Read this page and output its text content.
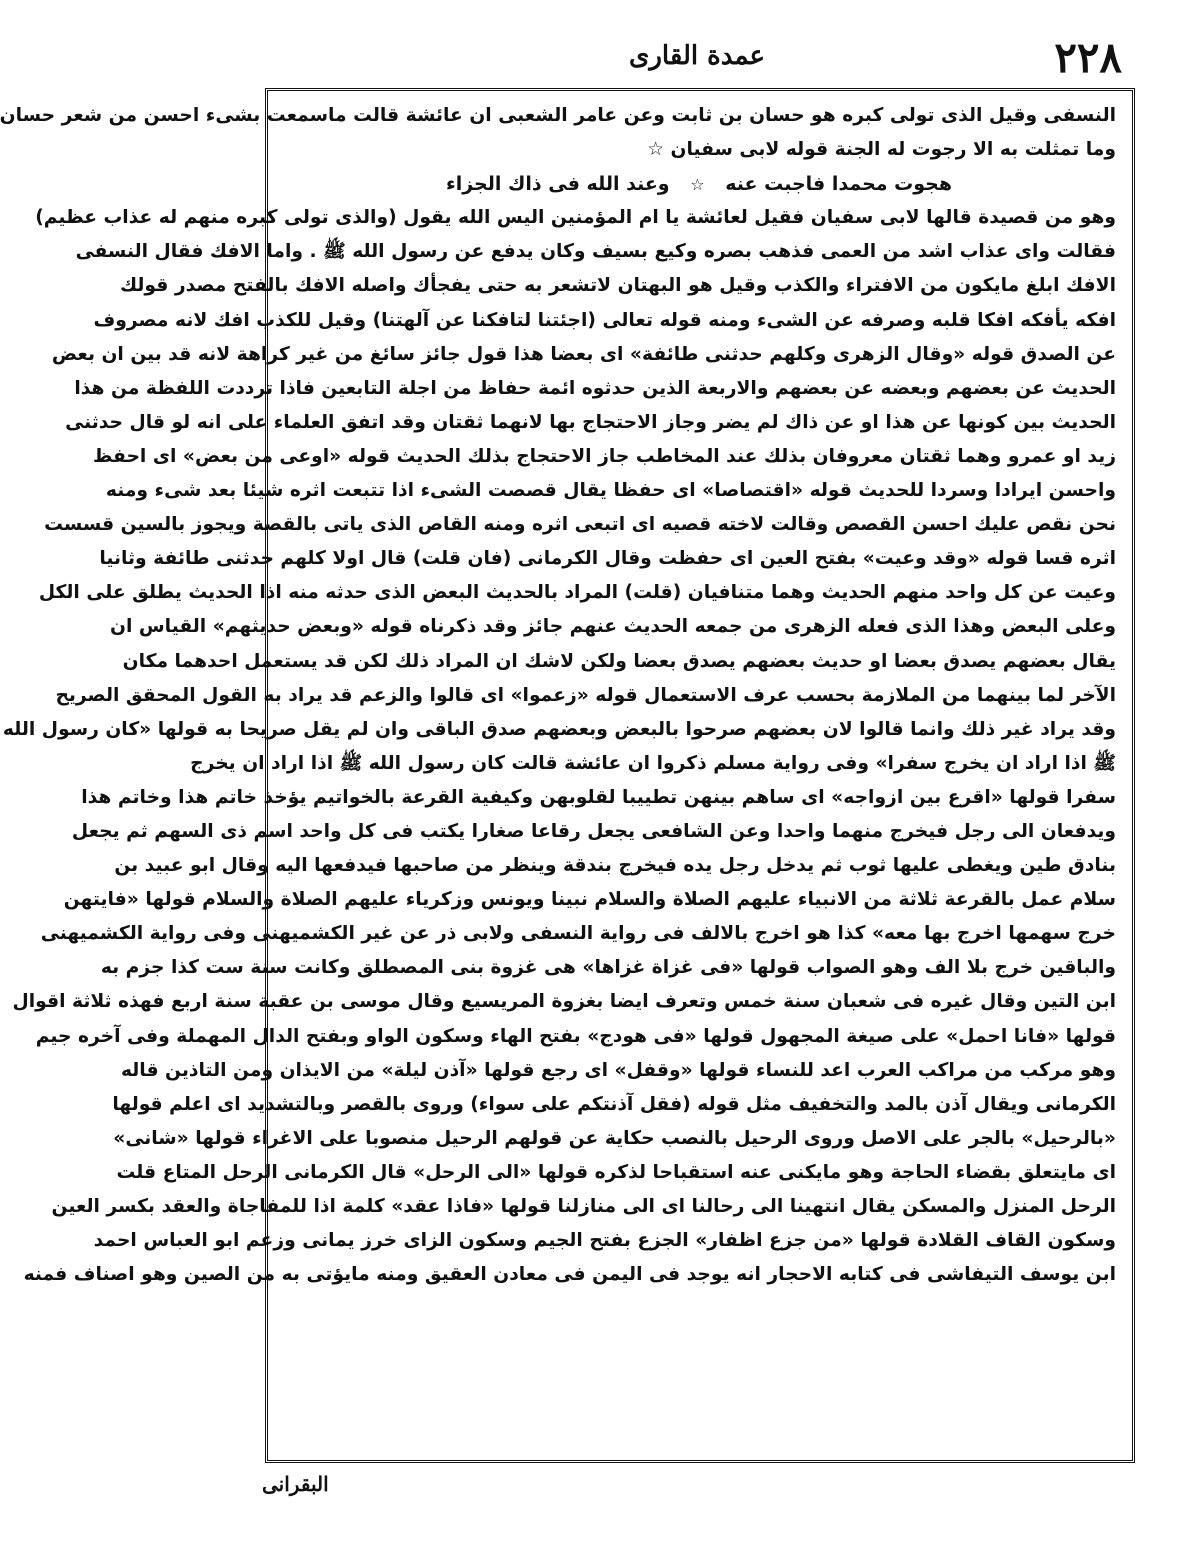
٢٢٨
عمدة القارى
النسفى وقيل الذى تولى كبره هو حسان بن ثابت وعن عامر الشعبى ان عائشة قالت ماسمعت بشىء احسن من شعر حسان
وما تمثلت به الا رجوت له الجنة قوله لابى سفيان ☆
هجوت محمدا فاجبت عنه ☆ وعند الله فى ذاك الجزاء
وهو من قصيدة قالها لابى سفيان فقيل لعائشة يا ام المؤمنين اليس الله يقول (والذى تولى كبره منهم له عذاب عظيم)
فقالت واى عذاب اشد من العمى فذهب بصره وكيع بسيف وكان يدفع عن رسول الله ﷺ . واما الافك فقال النسفى
الافك ابلغ مايكون من الافتراء والكذب وقيل هو البهتان لاتشعر به حتى يفجأك واصله الافك بالفتح مصدر قولك
افكه يأفكه افكا قلبه وصرفه عن الشىء ومنه قوله تعالى (اجئتنا لتافكنا عن آلهتنا) وقيل للكذب افك لانه مصروف
عن الصدق قوله «وقال الزهرى وكلهم حدثنى طائفة» اى بعضا هذا قول جائز سائغ من غير كراهة لانه قد بين ان بعض
الحديث عن بعضهم وبعضه عن بعضهم والاربعة الذين حدثوه ائمة حفاظ من اجلة التابعين فاذا ترددت اللفظة من هذا
الحديث بين كونها عن هذا او عن ذاك لم يضر وجاز الاحتجاج بها لانهما ثقتان وقد اتفق العلماء على انه لو قال حدثنى
زيد او عمرو وهما ثقتان معروفان بذلك عند المخاطب جاز الاحتجاج بذلك الحديث قوله «اوعى من بعض» اى احفظ
واحسن ايرادا وسردا للحديث قوله «اقتصاصا» اى حفظا يقال قصصت الشىء اذا تتبعت اثره شيئا بعد شىء ومنه
نحن نقص عليك احسن القصص وقالت لاخته قصيه اى اتبعى اثره ومنه القاص الذى ياتى بالقصة ويجوز بالسين قسست
اثره قسا قوله «وقد وعيت» بفتح العين اى حفظت وقال الكرمانى (فان قلت) قال اولا كلهم حدثنى طائفة وثانيا
وعيت عن كل واحد منهم الحديث وهما متنافيان (قلت) المراد بالحديث البعض الذى حدثه منه اذا الحديث يطلق على الكل
وعلى البعض وهذا الذى فعله الزهرى من جمعه الحديث عنهم جائز وقد ذكرناه قوله «وبعض حديثهم» القياس ان
يقال بعضهم يصدق بعضا او حديث بعضهم يصدق بعضا ولكن لاشك ان المراد ذلك لكن قد يستعمل احدهما مكان
الآخر لما بينهما من الملازمة بحسب عرف الاستعمال قوله «زعموا» اى قالوا والزعم قد يراد به القول المحقق الصريح
وقد يراد غير ذلك وانما قالوا لان بعضهم صرحوا بالبعض وبعضهم صدق الباقى وان لم يقل صريحا به قولها «كان رسول الله
ﷺ اذا اراد ان يخرج سفرا» وفى رواية مسلم ذكروا ان عائشة قالت كان رسول الله ﷺ اذا اراد ان يخرج
سفرا قولها «اقرع بين ازواجه» اى ساهم بينهن تطييبا لقلوبهن وكيفية القرعة بالخواتيم يؤخذ خاتم هذا وخاتم هذا
ويدفعان الى رجل فيخرج منهما واحدا وعن الشافعى يجعل رقاعا صغارا يكتب فى كل واحد اسم ذى السهم ثم يجعل
بنادق طين ويغطى عليها ثوب ثم يدخل رجل يده فيخرج بندقة وينظر من صاحبها فيدفعها اليه وقال ابو عبيد بن
سلام عمل بالقرعة ثلاثة من الانبياء عليهم الصلاة والسلام نبينا ويونس وزكرياء عليهم الصلاة والسلام قولها «فايتهن
خرج سهمها اخرج بها معه» كذا هو اخرج بالالف فى رواية النسفى ولابى ذر عن غير الكشميهنى وفى رواية الكشميهنى
والباقين خرج بلا الف وهو الصواب قولها «فى غزاة غزاها» هى غزوة بنى المصطلق وكانت سنة ست كذا جزم به
ابن التين وقال غيره فى شعبان سنة خمس وتعرف ايضا بغزوة المريسيع وقال موسى بن عقبة سنة اربع فهذه ثلاثة اقوال
قولها «فانا احمل» على صيغة المجهول قولها «فى هودج» بفتح الهاء وسكون الواو وبفتح الدال المهملة وفى آخره جيم
وهو مركب من مراكب العرب اعد للنساء قولها «وقفل» اى رجع قولها «آذن ليلة» من الايذان ومن التاذين قاله
الكرمانى ويقال آذن بالمد والتخفيف مثل قوله (فقل آذنتكم على سواء) وروى بالقصر وبالتشديد اى اعلم قولها
«بالرحيل» بالجر على الاصل وروى الرحيل بالنصب حكاية عن قولهم الرحيل منصوبا على الاغراء قولها «شانى»
اى مايتعلق بقضاء الحاجة وهو مايكنى عنه استقباحا لذكره قولها «الى الرحل» قال الكرمانى الرحل المتاع قلت
الرحل المنزل والمسكن يقال انتهينا الى رحالنا اى الى منازلنا قولها «فاذا عقد» كلمة اذا للمفاجاة والعقد بكسر العين
وسكون القاف القلادة قولها «من جزع اظفار» الجزع بفتح الجيم وسكون الزاى خرز يمانى وزعم ابو العباس احمد
ابن يوسف التيفاشى فى كتابه الاحجار انه يوجد فى اليمن فى معادن العقيق ومنه مايؤتى به من الصين وهو اصناف فمنه
البقرانى
